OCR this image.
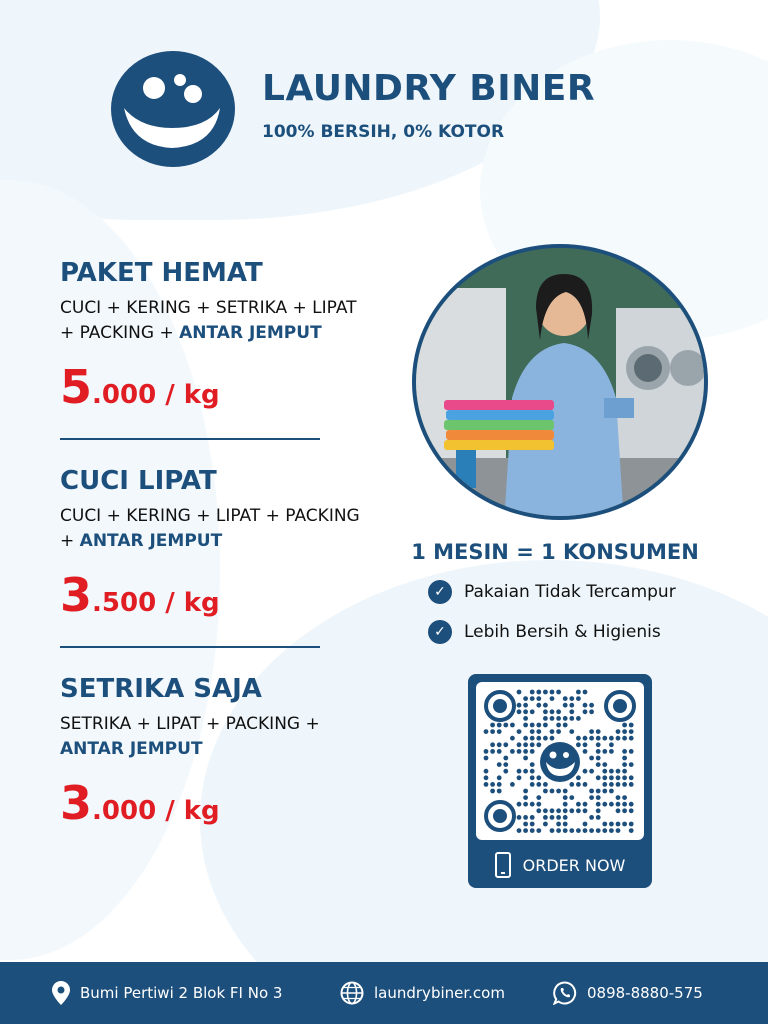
LAUNDRY BINER
100% BERSIH, 0% KOTOR
PAKET HEMAT
CUCI + KERING + SETRIKA + LIPAT + PACKING + ANTAR JEMPUT
5.000 / kg
CUCI LIPAT
CUCI + KERING + LIPAT + PACKING + ANTAR JEMPUT
3.500 / kg
SETRIKA SAJA
SETRIKA + LIPAT + PACKING + ANTAR JEMPUT
3.000 / kg
1 MESIN = 1 KONSUMEN
✓	Pakaian Tidak Tercampur
✓	Lebih Bersih & Higienis
ORDER NOW
Bumi Pertiwi 2 Blok FI No 3	laundrybiner.com	0898-8880-575
